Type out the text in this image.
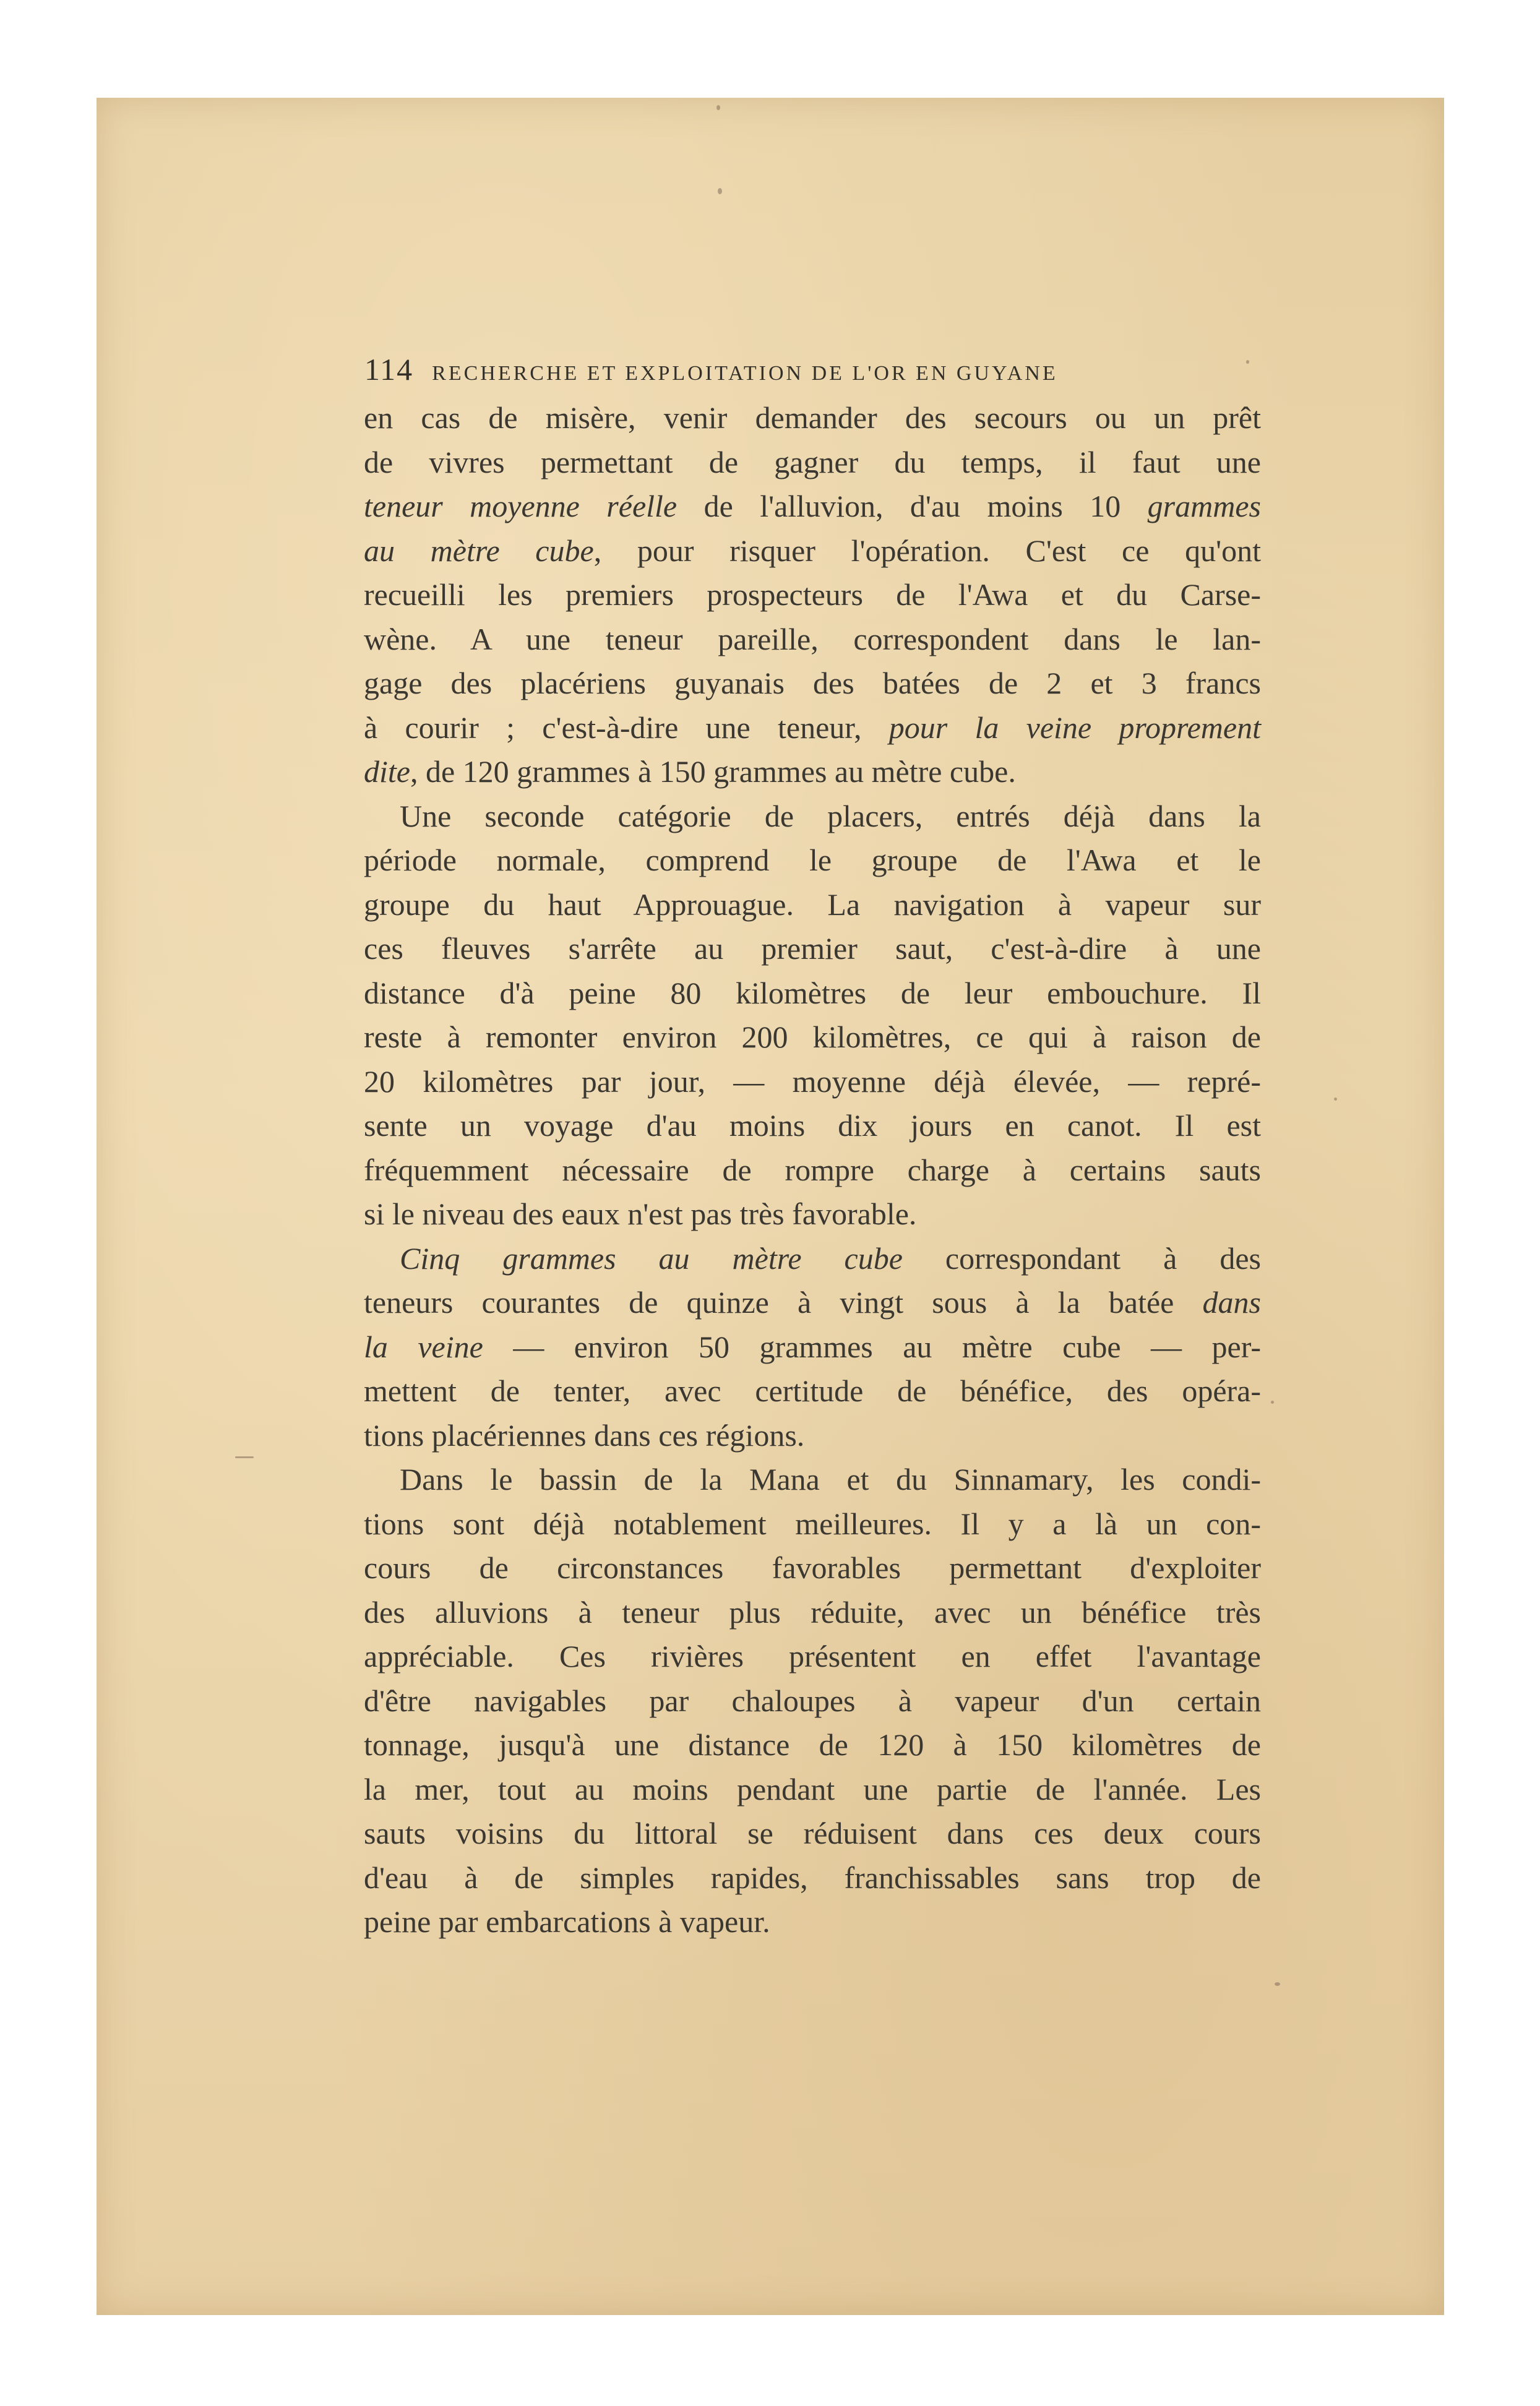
114 RECHERCHE ET EXPLOITATION DE L'OR EN GUYANE
en cas de misère, venir demander des secours ou un prêt
de vivres permettant de gagner du temps, il faut une
teneur moyenne réelle de l'alluvion, d'au moins 10 grammes
au mètre cube, pour risquer l'opération. C'est ce qu'ont
recueilli les premiers prospecteurs de l'Awa et du Carse-
wène. A une teneur pareille, correspondent dans le lan-
gage des placériens guyanais des batées de 2 et 3 francs
à courir ; c'est-à-dire une teneur, pour la veine proprement
dite, de 120 grammes à 150 grammes au mètre cube.
Une seconde catégorie de placers, entrés déjà dans la
période normale, comprend le groupe de l'Awa et le
groupe du haut Approuague. La navigation à vapeur sur
ces fleuves s'arrête au premier saut, c'est-à-dire à une
distance d'à peine 80 kilomètres de leur embouchure. Il
reste à remonter environ 200 kilomètres, ce qui à raison de
20 kilomètres par jour, — moyenne déjà élevée, — repré-
sente un voyage d'au moins dix jours en canot. Il est
fréquemment nécessaire de rompre charge à certains sauts
si le niveau des eaux n'est pas très favorable.
Cinq grammes au mètre cube correspondant à des
teneurs courantes de quinze à vingt sous à la batée dans
la veine — environ 50 grammes au mètre cube — per-
mettent de tenter, avec certitude de bénéfice, des opéra-
tions placériennes dans ces régions.
Dans le bassin de la Mana et du Sinnamary, les condi-
tions sont déjà notablement meilleures. Il y a là un con-
cours de circonstances favorables permettant d'exploiter
des alluvions à teneur plus réduite, avec un bénéfice très
appréciable. Ces rivières présentent en effet l'avantage
d'être navigables par chaloupes à vapeur d'un certain
tonnage, jusqu'à une distance de 120 à 150 kilomètres de
la mer, tout au moins pendant une partie de l'année. Les
sauts voisins du littoral se réduisent dans ces deux cours
d'eau à de simples rapides, franchissables sans trop de
peine par embarcations à vapeur.
